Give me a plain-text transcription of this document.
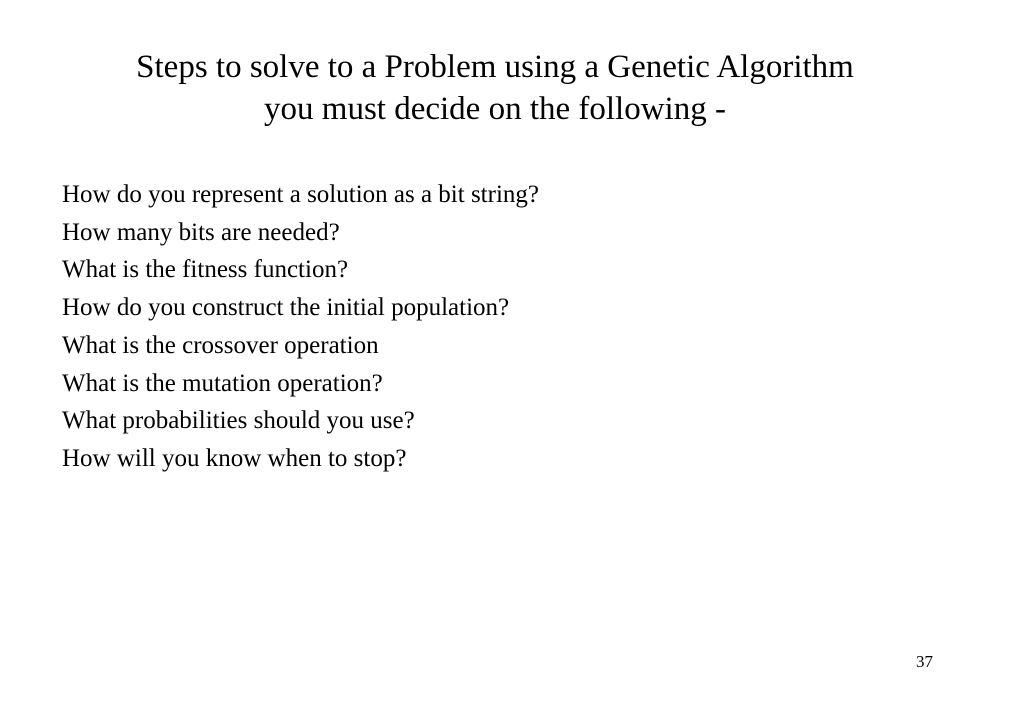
Steps to solve to a Problem using a Genetic Algorithm
you must decide on the following -
How do you represent a solution as a bit string?
How many bits are needed?
What is the fitness function?
How do you construct the initial population?
What is the crossover operation
What is the mutation operation?
What probabilities should you use?
How will you know when to stop?
37
